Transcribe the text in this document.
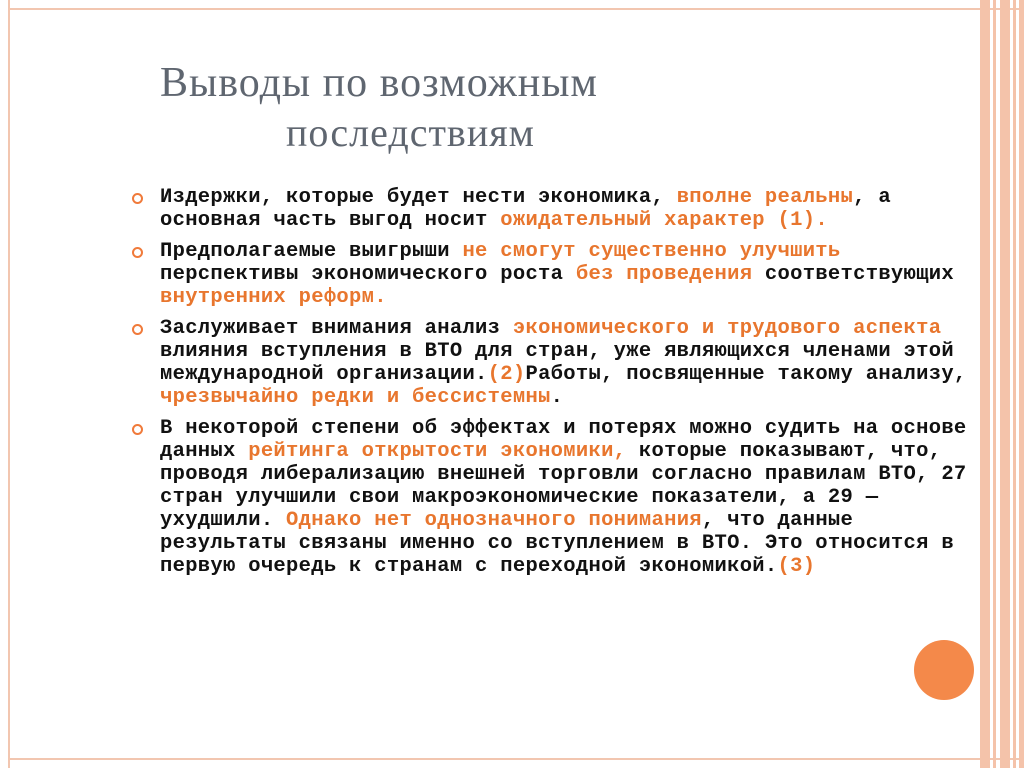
Выводы по возможным
последствиям
Издержки, которые будет нести экономика, вполне реальны, а основная часть выгод носит ожидательный характер (1).
Предполагаемые выигрыши не смогут существенно улучшить перспективы экономического роста без проведения соответствующих внутренних реформ.
Заслуживает внимания анализ экономического и трудового аспекта влияния вступления в ВТО для стран, уже являющихся членами этой международной организации.(2)Работы, посвященные такому анализу, чрезвычайно редки и бессистемны.
В некоторой степени об эффектах и потерях можно судить на основе данных рейтинга открытости экономики, которые показывают, что, проводя либерализацию внешней торговли согласно правилам ВТО, 27 стран улучшили свои макроэкономические показатели, а 29 — ухудшили. Однако нет однозначного понимания, что данные результаты связаны именно со вступлением в ВТО. Это относится в первую очередь к странам с переходной экономикой.(3)
